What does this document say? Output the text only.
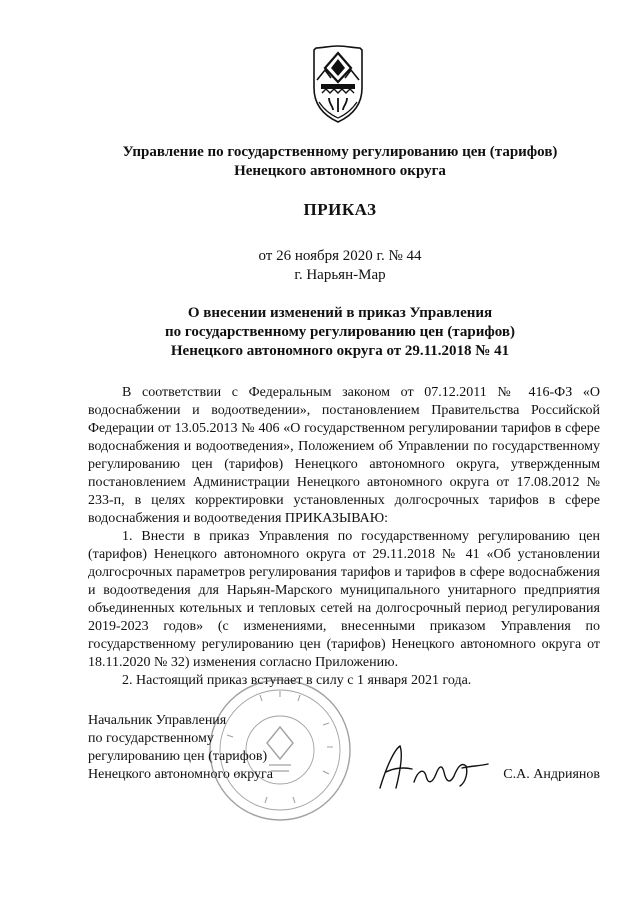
Управление по государственному регулированию цен (тарифов)
Ненецкого автономного округа
ПРИКАЗ
от 26 ноября 2020 г. № 44
г. Нарьян-Мар
О внесении изменений в приказ Управления
по государственному регулированию цен (тарифов)
Ненецкого автономного округа от 29.11.2018 № 41

В соответствии с Федеральным законом от 07.12.2011 № 416-ФЗ «О водоснабжении и водоотведении», постановлением Правительства Российской Федерации от 13.05.2013 № 406 «О государственном регулировании тарифов в сфере водоснабжения и водоотведения», Положением об Управлении по государственному регулированию цен (тарифов) Ненецкого автономного округа, утвержденным постановлением Администрации Ненецкого автономного округа от 17.08.2012 № 233-п, в целях корректировки установленных долгосрочных тарифов в сфере водоснабжения и водоотведения ПРИКАЗЫВАЮ:

1. Внести в приказ Управления по государственному регулированию цен (тарифов) Ненецкого автономного округа от 29.11.2018 № 41 «Об установлении долгосрочных параметров регулирования тарифов и тарифов в сфере водоснабжения и водоотведения для Нарьян-Марского муниципального унитарного предприятия объединенных котельных и тепловых сетей на долгосрочный период регулирования 2019-2023 годов» (с изменениями, внесенными приказом Управления по государственному регулированию цен (тарифов) Ненецкого автономного округа от 18.11.2020 № 32) изменения согласно Приложению.

2. Настоящий приказ вступает в силу с 1 января 2021 года.

Начальник Управления
по государственному
регулированию цен (тарифов)
Ненецкого автономного округа	С.А. Андриянов
